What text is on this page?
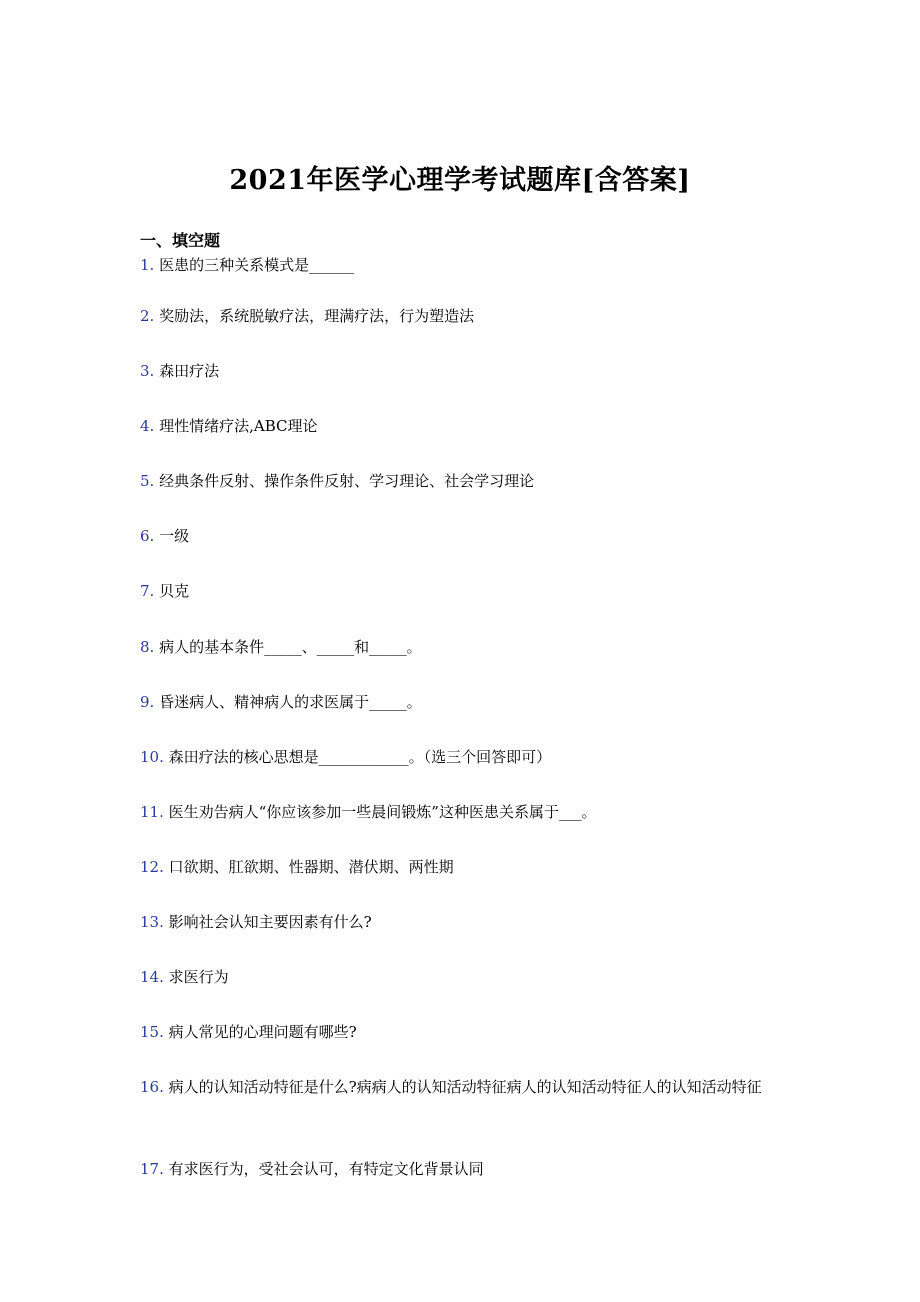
2021年医学心理学考试题库[含答案]
一、填空题
1. 医患的三种关系模式是______
2. 奖励法，系统脱敏疗法，理满疗法，行为塑造法
3. 森田疗法
4. 理性情绪疗法,ABC理论
5. 经典条件反射、操作条件反射、学习理论、社会学习理论
6. 一级
7. 贝克
8. 病人的基本条件_____、_____和_____。
9. 昏迷病人、精神病人的求医属于_____。
10. 森田疗法的核心思想是____________。（选三个回答即可）
11. 医生劝告病人“你应该参加一些晨间锻炼”这种医患关系属于___。
12. 口欲期、肛欲期、性器期、潜伏期、两性期
13. 影响社会认知主要因素有什么?
14. 求医行为
15. 病人常见的心理问题有哪些?
16. 病人的认知活动特征是什么?病病人的认知活动特征病人的认知活动特征人的认知活动特征
17. 有求医行为，受社会认可，有特定文化背景认同
